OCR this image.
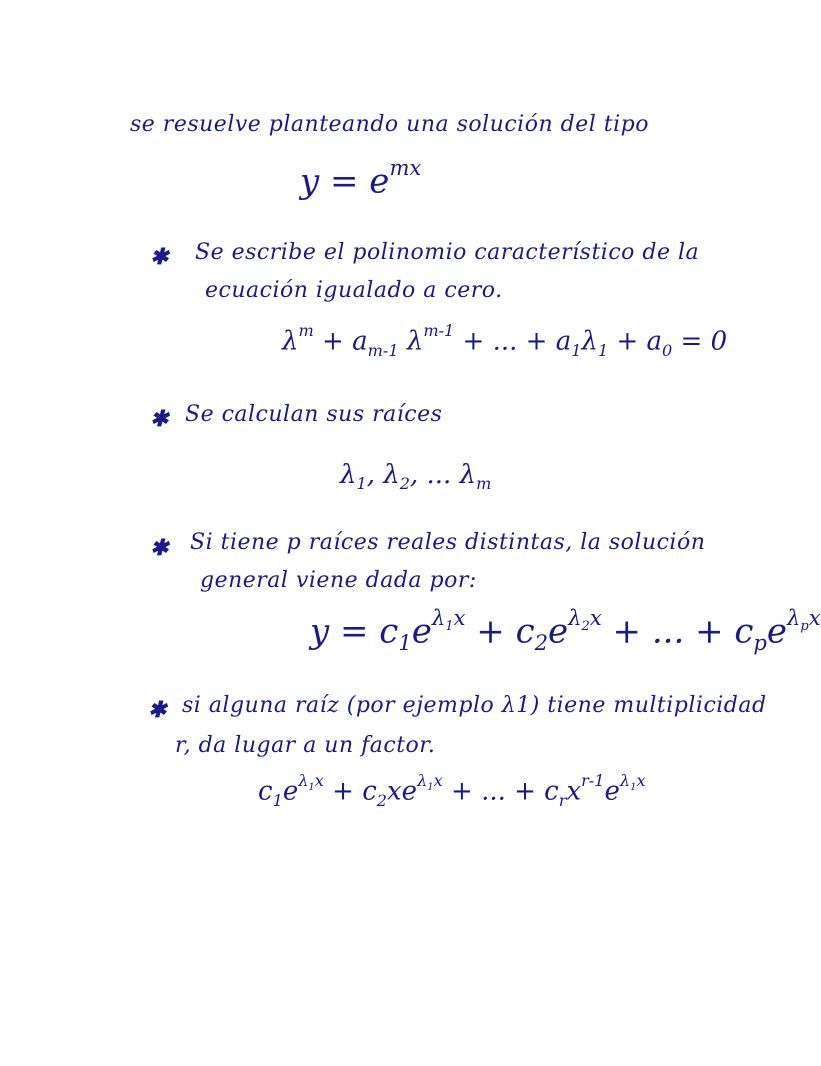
se resuelve planteando una solución del tipo
$y = e^{mx}$
✱ Se escribe el polinomio característico de la
ecuación igualado a cero.
$\lambda^m + a_{m-1}$ $\lambda^{m-1}$ + ... + $a_1\lambda_1 + a_0 = 0$
✱ Se calculan sus raíces
$\lambda_1$, $\lambda_2$, ... $\lambda_m$
✱ Si tiene p raíces reales distintas, la solución
general viene dada por:
$y = c_1e^{\lambda_1x} + c_2e^{\lambda_2x}$ + ... + $c_pe^{\lambda_px}$
✱ si alguna raíz (por ejemplo λ1) tiene multiplicidad
r, da lugar a un factor.
$c_1e^{\lambda_1x} + c_2xe^{\lambda_1x}$ + ... + $c_rx^{r-1}e^{\lambda_1x}$
